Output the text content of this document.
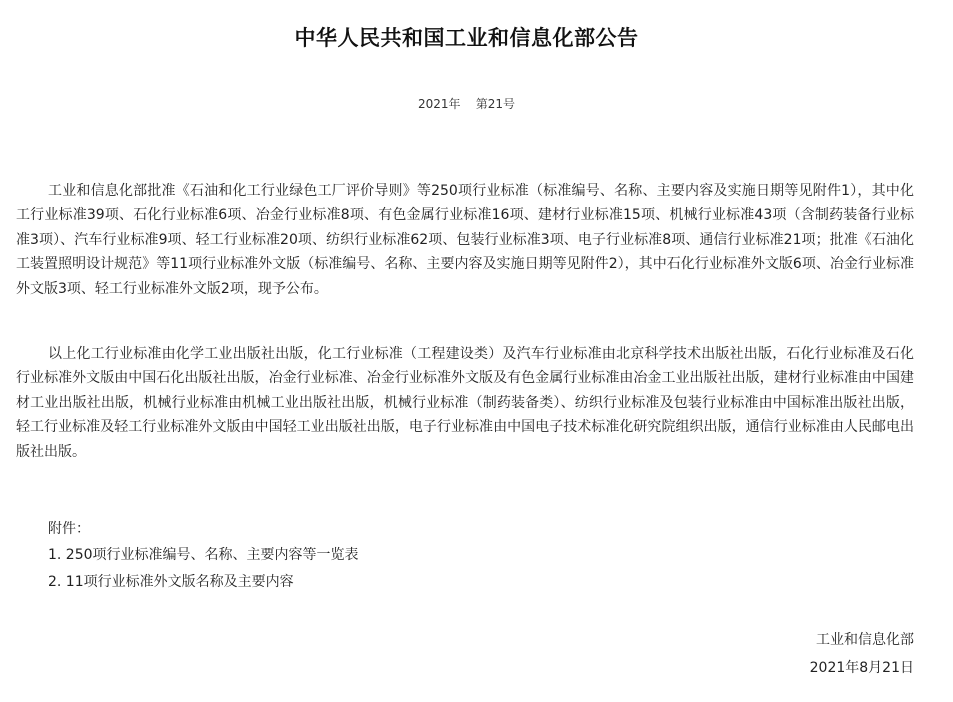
中华人民共和国工业和信息化部公告
2021年    第21号

工业和信息化部批准《石油和化工行业绿色工厂评价导则》等250项行业标准（标准编号、名称、主要内容及实施日期等见附件1），其中化工行业标准39项、石化行业标准6项、冶金行业标准8项、有色金属行业标准16项、建材行业标准15项、机械行业标准43项（含制药装备行业标准3项）、汽车行业标准9项、轻工行业标准20项、纺织行业标准62项、包装行业标准3项、电子行业标准8项、通信行业标准21项；批准《石油化工装置照明设计规范》等11项行业标准外文版（标准编号、名称、主要内容及实施日期等见附件2），其中石化行业标准外文版6项、冶金行业标准外文版3项、轻工行业标准外文版2项，现予公布。

以上化工行业标准由化学工业出版社出版，化工行业标准（工程建设类）及汽车行业标准由北京科学技术出版社出版，石化行业标准及石化行业标准外文版由中国石化出版社出版，冶金行业标准、冶金行业标准外文版及有色金属行业标准由冶金工业出版社出版，建材行业标准由中国建材工业出版社出版，机械行业标准由机械工业出版社出版，机械行业标准（制药装备类）、纺织行业标准及包装行业标准由中国标准出版社出版，轻工行业标准及轻工行业标准外文版由中国轻工业出版社出版，电子行业标准由中国电子技术标准化研究院组织出版，通信行业标准由人民邮电出版社出版。

附件：
1. 250项行业标准编号、名称、主要内容等一览表
2. 11项行业标准外文版名称及主要内容
工业和信息化部
2021年8月21日
